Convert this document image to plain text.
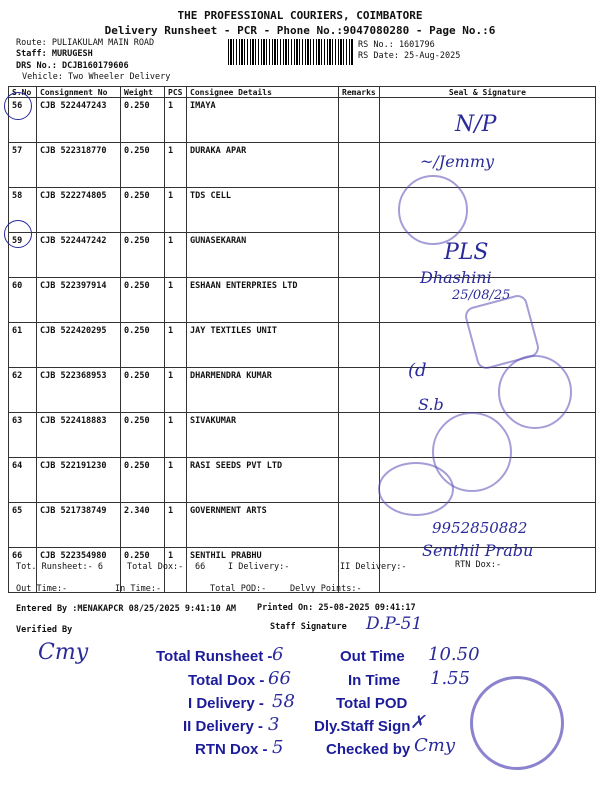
THE PROFESSIONAL COURIERS, COIMBATORE
Delivery Runsheet - PCR - Phone No.:9047080280 - Page No.:6
Route: PULIAKULAM MAIN ROAD
Staff: MURUGESH
DRS No.: DCJB160179606
Vehicle: Two Wheeler Delivery
RS No.: 1601796
RS Date: 25-Aug-2025
S.No	Consignment No	Weight	PCS	Consignee Details	Remarks	Seal & Signature
56	CJB 522447243	0.250	1	IMAYA		
57	CJB 522318770	0.250	1	DURAKA APAR		
58	CJB 522274805	0.250	1	TDS CELL		
59	CJB 522447242	0.250	1	GUNASEKARAN		
60	CJB 522397914	0.250	1	ESHAAN ENTERPRIES LTD		
61	CJB 522420295	0.250	1	JAY TEXTILES UNIT		
62	CJB 522368953	0.250	1	DHARMENDRA KUMAR		
63	CJB 522418883	0.250	1	SIVAKUMAR		
64	CJB 522191230	0.250	1	RASI SEEDS PVT LTD		
65	CJB 521738749	2.340	1	GOVERNMENT ARTS		
66	CJB 522354980	0.250	1	SENTHIL PRABHU		
N/P
~/Jemmy
PLS
Dhashini
25/08/25
(d
S.b
9952850882
Senthil Prabu
Tot. Runsheet:- 6	Total Dox:- 66	I Delivery:-	II Delivery:-	RTN Dox:-
Out Time:-	In Time:-	Total POD:-	Delvy Points:-
Entered By :MENAKAPCR 08/25/2025 9:41:10 AM Printed On: 25-08-2025 09:41:17
Verified By	Staff Signature D.P-51
Cmy	Total Runsheet - 6
Total Dox - 66
I Delivery - 58
II Delivery - 3
RTN Dox - 5
Out Time 10.50
In Time 1.55
Total POD
Dly.Staff Sign ✗
Checked by Cmy
